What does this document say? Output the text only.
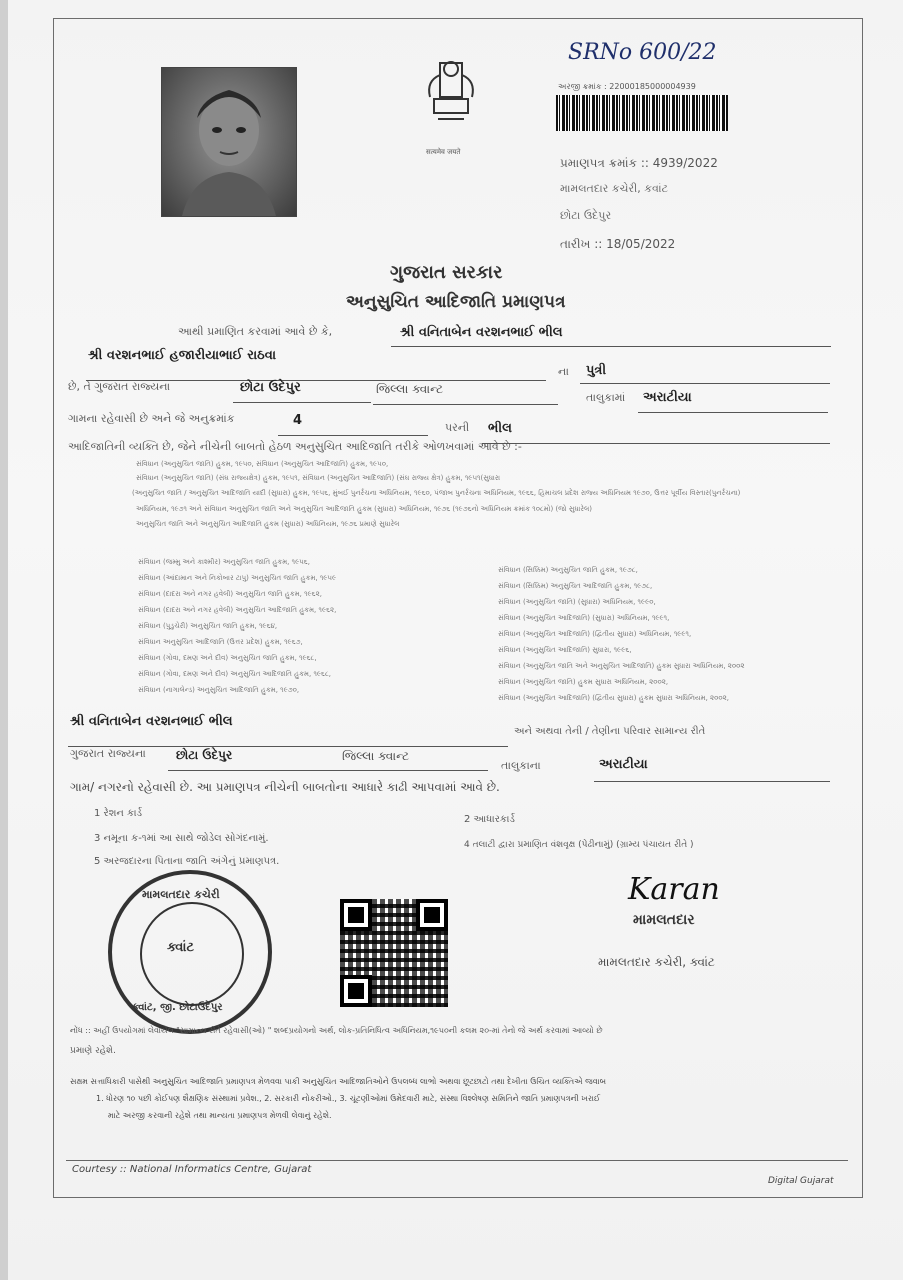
सत्यमेव जयते
SRNo 600/22
અરજી ક્રમાંક : 22000185000004939
પ્રમાણપત્ર ક્રમાંક :: 4939/2022
મામલતદાર કચેરી, કવાંટ
છોટા ઉદેપુર
તારીખ :: 18/05/2022
ગુજરાત સરકાર
અનુસુચિત આદિજાતિ પ્રમાણપત્ર
આથી પ્રમાણિત કરવામાં આવે છે કે,	શ્રી વનિતાબેન વરશનભાઈ ભીલ
શ્રી વરશનભાઈ હજારીયાભાઈ રાઠવા
ના પુત્રી
છે, તે ગુજરાત રાજ્યના	છોટા ઉદેપુર	જિલ્લા ક્વાન્ટ
તાલુકામાં અરાટીયા
ગામના રહેવાસી છે અને જે અનુક્રમાંક	4	પરની ભીલ
આદિજાતિની વ્યક્તિ છે, જેને નીચેની બાબતો હેઠળ અનુસુચિત આદિજાતિ તરીકે ઓળખવામાં આવે છે :-
સંવિધાન (અનુસુચિત જાતિ) હુકમ, ૧૯૫૦, સંવિધાન (અનુસુચિત આદિજાતિ) હુકમ, ૧૯૫૦,
સંવિધાન (અનુસુચિત જાતિ) (સંઘ રાજ્યક્ષેત્ર) હુકમ, ૧૯૫૧, સંવિધાન (અનુસુચિત આદિજાતિ) (સંઘ રાજ્ય ક્ષેત્ર) હુકમ, ૧૯૫૧(સુધારા
(અનુસુચિત જાતિ / અનુસુચિત આદિજાતિ યાદી (સુધારા) હુકમ, ૧૯૫૬, મુંબઈ પુનર્રચના અધિનિયમ, ૧૯૬૦, પંજાબ પુનર્રચના અધિનિયમ, ૧૯૬૬, હિમાચલ પ્રદેશ રાજ્ય અધિનિયમ ૧૯૭૦, ઉત્તર પૂર્વીય વિસ્તાર(પુનર્રચના)
અધિનિયમ, ૧૯૭૧ અને સંવિધાન અનુસુચિત જાતિ અને અનુસુચિત આદિજાતિ હુકમ (સુધારા) અધિનિયમ, ૧૯૭૬ (૧૯૭૬નો અધિનિયમ ક્રમાંક ૧૦૮મો) (જો સુધારેલ)
અનુસુચિત જાતિ અને અનુસુચિત આદિજાતિ હુકમ (સુધારા) અધિનિયમ, ૧૯૭૬ પ્રમાણે સુધારેલ
સંવિધાન (જમ્મુ અને કાશ્મીર) અનુસુચિત જાતિ હુકમ, ૧૯૫૬,
સંવિધાન (આંદામાન અને નિકોબાર ટાપુ) અનુસુચિત જાતિ હુકમ, ૧૯૫૯
સંવિધાન (દાદરા અને નગર હવેલી) અનુસુચિત જાતિ હુકમ, ૧૯૬૨,
સંવિધાન (દાદરા અને નગર હવેલી) અનુસુચિત આદિજાતિ હુકમ, ૧૯૬૨,
સંવિધાન (પુડુચેરી) અનુસુચિત જાતિ હુકમ, ૧૯૬૪,
સંવિધાન અનુસુચિત આદિજાતિ (ઉત્તર પ્રદેશ) હુકમ, ૧૯૬૭,
સંવિધાન (ગોવા, દમણ અને દીવ) અનુસુચિત જાતિ હુકમ, ૧૯૬૮,
સંવિધાન (ગોવા, દમણ અને દીવ) અનુસુચિત આદિજાતિ હુકમ, ૧૯૬૮,
સંવિધાન (નાગાલેન્ડ) અનુસુચિત આદિજાતિ હુકમ, ૧૯૭૦,
સંવિધાન (સિક્કિમ) અનુસુચિત જાતિ હુકમ, ૧૯૭૮,
સંવિધાન (સિક્કિમ) અનુસુચિત આદિજાતિ હુકમ, ૧૯૭૮,
સંવિધાન (અનુસુચિત જાતિ) (સુધારા) અધિનિયમ, ૧૯૯૦,
સંવિધાન (અનુસુચિત આદિજાતિ) (સુધારા) અધિનિયમ, ૧૯૯૧,
સંવિધાન (અનુસુચિત આદિજાતિ) (દ્વિતીય સુધારા) અધિનિયમ, ૧૯૯૧,
સંવિધાન (અનુસુચિત આદિજાતિ) સુધારા, ૧૯૯૬,
સંવિધાન (અનુસુચિત જાતિ અને અનુસુચિત આદિજાતિ) હુકમ સુધારા અધિનિયમ, ૨૦૦૨
સંવિધાન (અનુસુચિત જાતિ) હુકમ સુધારા અધિનિયમ, ૨૦૦૨,
સંવિધાન (અનુસુચિત આદિજાતિ) (દ્વિતીય સુધારા) હુકમ સુધારા અધિનિયમ, ૨૦૦૨,
શ્રી વનિતાબેન વરશનભાઈ ભીલ
અને અથવા તેની / તેણીના પરિવાર સામાન્ય રીતે
ગુજરાત રાજ્યના	છોટા ઉદેપુર	જિલ્લા ક્વાન્ટ
તાલુકાના	અરાટીયા
ગામ/ નગરનો રહેવાસી છે. આ પ્રમાણપત્ર નીચેની બાબતોના આધારે કાઢી આપવામાં આવે છે.
1 રેશન કાર્ડ
2 આધારકાર્ડ
3 નમૂના ક-૧માં આ સાથે જોડેલ સોગંદનામું.
4 તલાટી દ્વારા પ્રમાણિત વંશવૃક્ષ (પેઢીનામું) (ગ્રામ્ય પંચાયત રીતે )
5 અરજદારના પિતાના જાતિ અંગેનું પ્રમાણપત્ર.
મામલતદાર કચેરી
ક્વાંટ
ક્વાંટ, જી. છોટાઉદેપુર
Karan
મામલતદાર
મામલતદાર કચેરી, ક્વાંટ
નોંધ :: અહીં ઉપયોગમાં લેવાયેલ "સામાન્ય રીતે રહેવાસી(ઓ) " શબ્દપ્રયોગનો અર્થ, લોક-પ્રતિનિધિત્વ અધિનિયમ,૧૯૫૦ની કલમ ૨૦-માં તેનો જે અર્થ કરવામાં આવ્યો છે
પ્રમાણે રહેશે.
સક્ષમ સત્તાધિકારી પાસેથી અનુસુચિત આદિજાતિ પ્રમાણપત્ર મેળવવા પાકી અનુસુચિત આદિજાતિઓને ઉપલબ્ધ લાભો અથવા છૂટછાટો તથા દેખીતા ઉચિત વ્યક્તિએ જવાબ
1. ધોરણ ૧૦ પછી કોઈપણ શૈક્ષણિક સંસ્થામાં પ્રવેશ., 2. સરકારી નોકરીઓ., 3. ચૂંટણીઓમાં ઉમેદવારી માટે, સંસ્થા વિશ્લેષણ સમિતિને જાતિ પ્રમાણપત્રની ખરાઈ
માટે અરજી કરવાની રહેશે તથા માન્યતા પ્રમાણપત્ર મેળવી લેવાનું રહેશે.
Courtesy :: National Informatics Centre, Gujarat
Digital Gujarat
